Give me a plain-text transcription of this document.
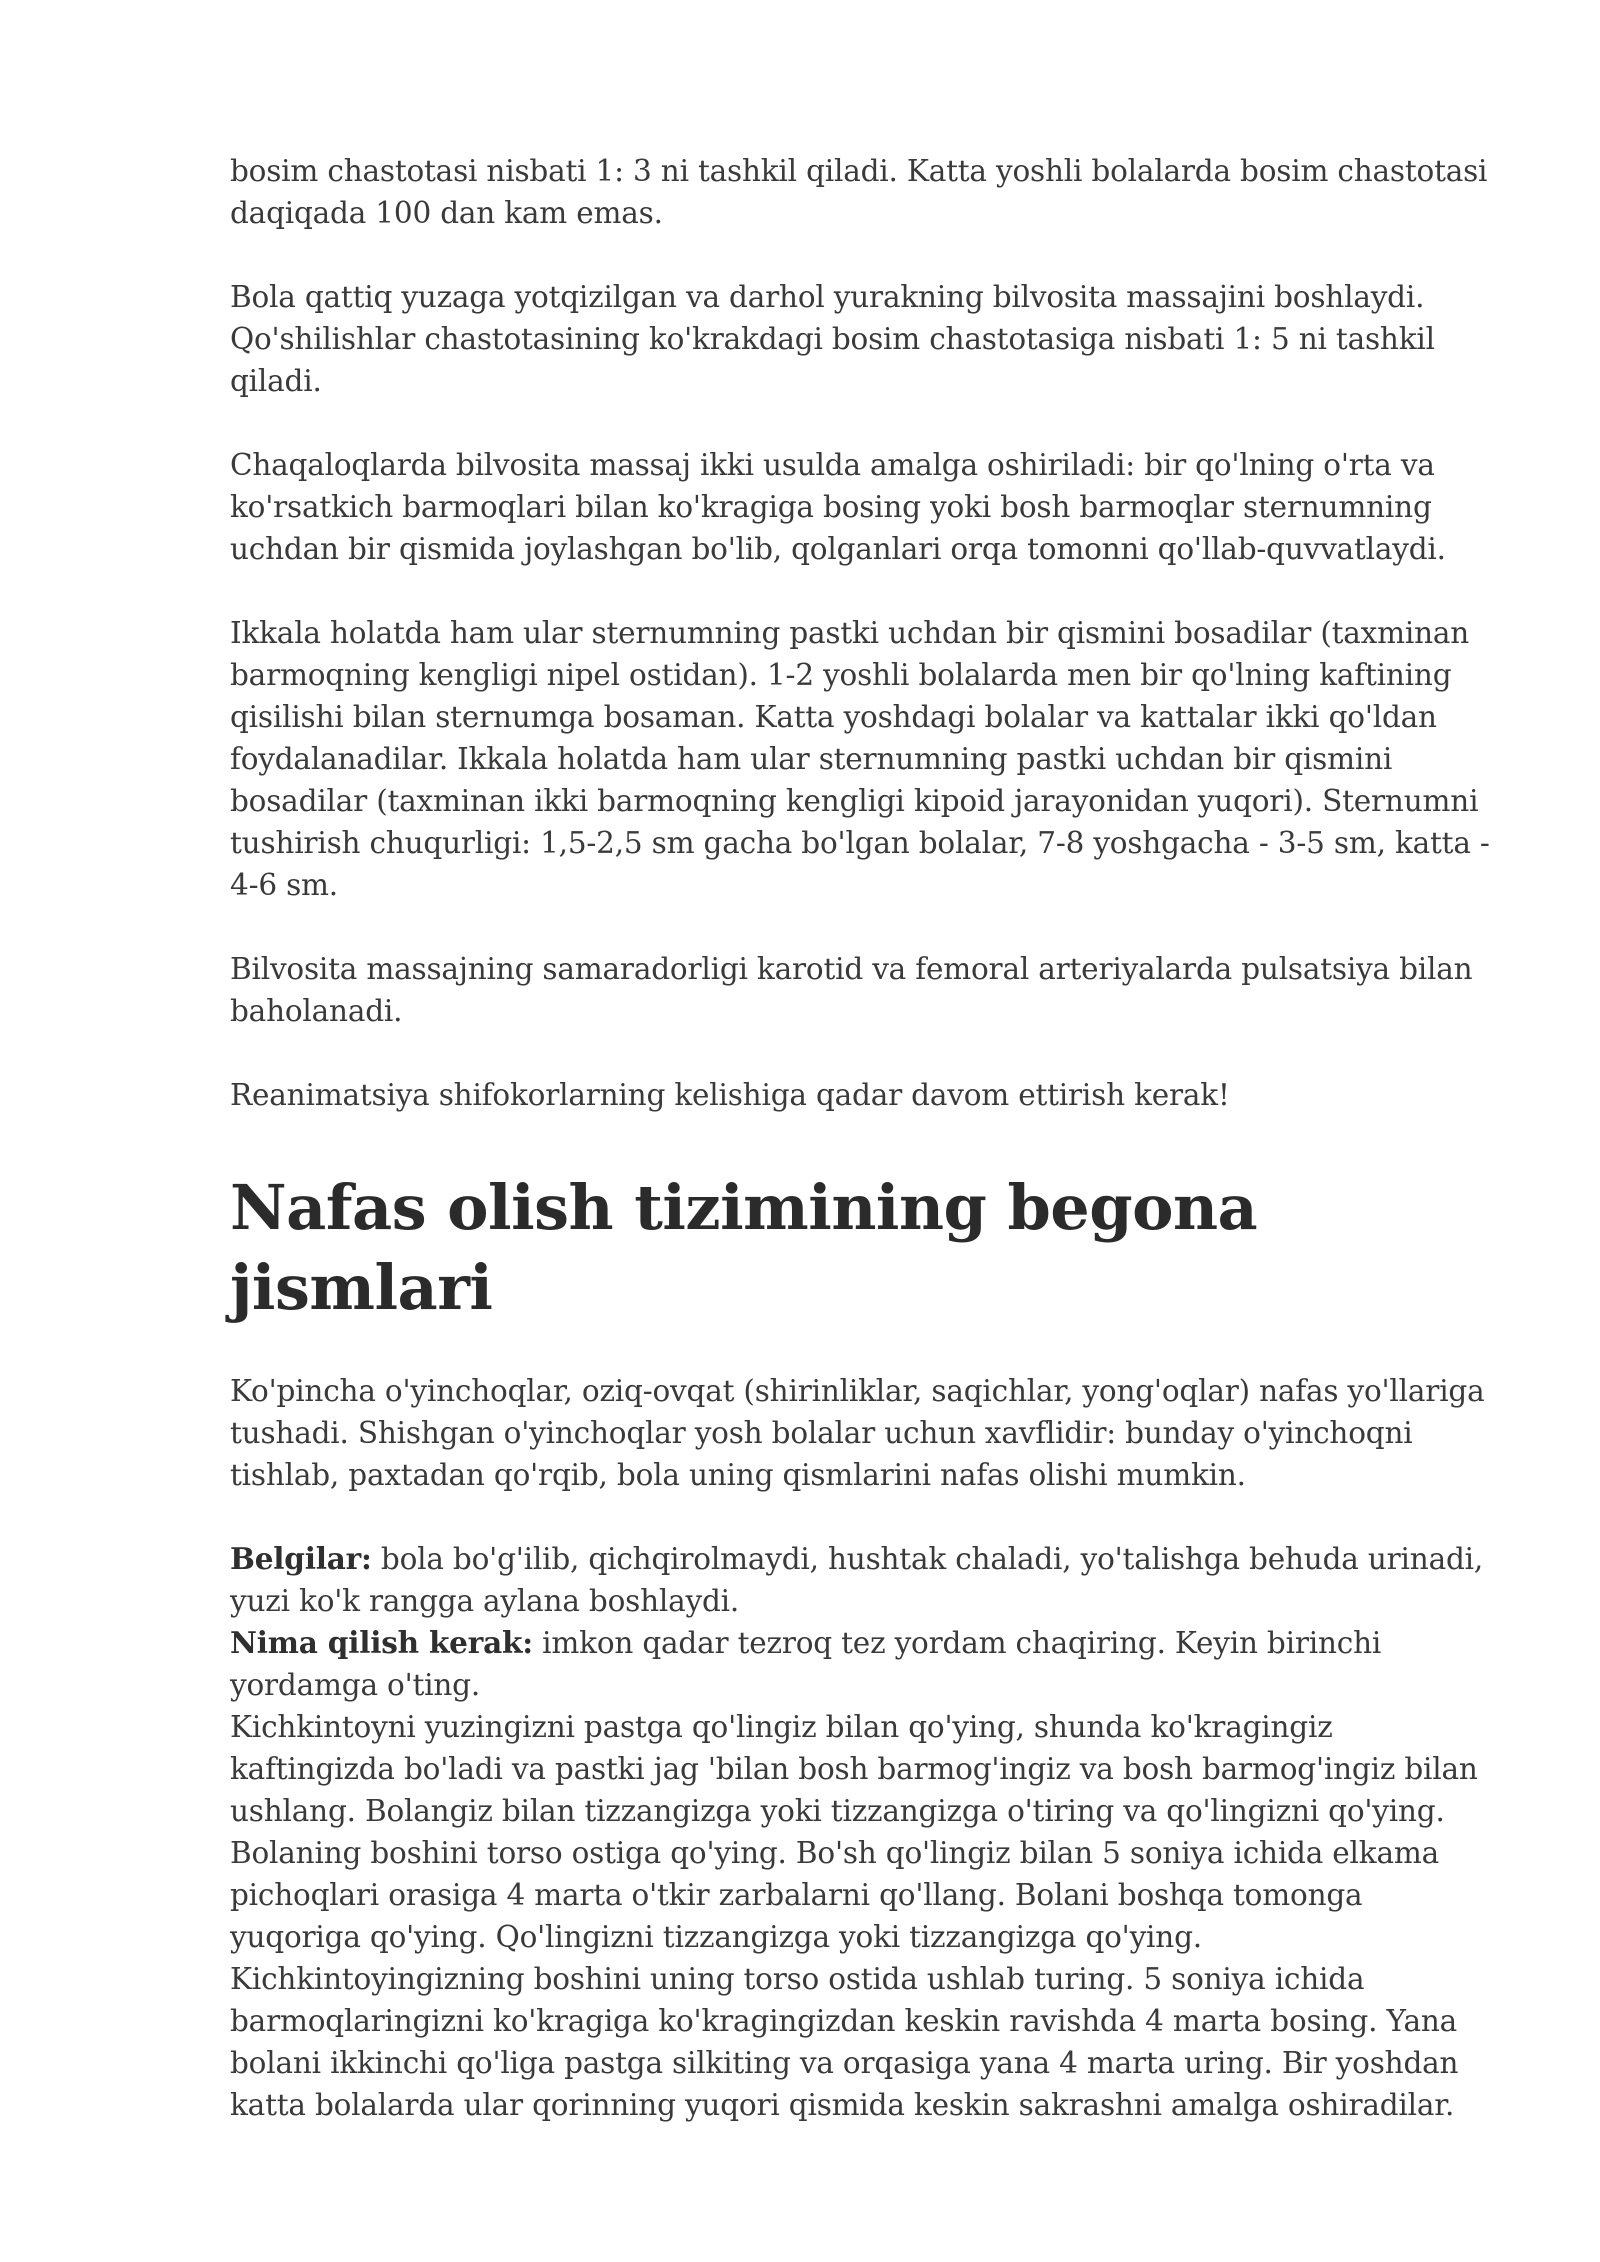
bosim chastotasi nisbati 1: 3 ni tashkil qiladi. Katta yoshli bolalarda bosim chastotasi daqiqada 100 dan kam emas.

Bola qattiq yuzaga yotqizilgan va darhol yurakning bilvosita massajini boshlaydi. Qo'shilishlar chastotasining ko'krakdagi bosim chastotasiga nisbati 1: 5 ni tashkil qiladi.

Chaqaloqlarda bilvosita massaj ikki usulda amalga oshiriladi: bir qo'lning o'rta va ko'rsatkich barmoqlari bilan ko'kragiga bosing yoki bosh barmoqlar sternumning uchdan bir qismida joylashgan bo'lib, qolganlari orqa tomonni qo'llab-quvvatlaydi.

Ikkala holatda ham ular sternumning pastki uchdan bir qismini bosadilar (taxminan barmoqning kengligi nipel ostidan). 1-2 yoshli bolalarda men bir qo'lning kaftining qisilishi bilan sternumga bosaman. Katta yoshdagi bolalar va kattalar ikki qo'ldan foydalanadilar. Ikkala holatda ham ular sternumning pastki uchdan bir qismini bosadilar (taxminan ikki barmoqning kengligi kipoid jarayonidan yuqori). Sternumni tushirish chuqurligi: 1,5-2,5 sm gacha bo'lgan bolalar, 7-8 yoshgacha - 3-5 sm, katta - 4-6 sm.

Bilvosita massajning samaradorligi karotid va femoral arteriyalarda pulsatsiya bilan baholanadi.

Reanimatsiya shifokorlarning kelishiga qadar davom ettirish kerak!

Nafas olish tizimining begona jismlari

Ko'pincha o'yinchoqlar, oziq-ovqat (shirinliklar, saqichlar, yong'oqlar) nafas yo'llariga tushadi. Shishgan o'yinchoqlar yosh bolalar uchun xavflidir: bunday o'yinchoqni tishlab, paxtadan qo'rqib, bola uning qismlarini nafas olishi mumkin.

Belgilar: bola bo'g'ilib, qichqirolmaydi, hushtak chaladi, yo'talishga behuda urinadi, yuzi ko'k rangga aylana boshlaydi.

Nima qilish kerak: imkon qadar tezroq tez yordam chaqiring. Keyin birinchi yordamga o'ting.

Kichkintoyni yuzingizni pastga qo'lingiz bilan qo'ying, shunda ko'kragingiz kaftingizda bo'ladi va pastki jag 'bilan bosh barmog'ingiz va bosh barmog'ingiz bilan ushlang. Bolangiz bilan tizzangizga yoki tizzangizga o'tiring va qo'lingizni qo'ying. Bolaning boshini torso ostiga qo'ying. Bo'sh qo'lingiz bilan 5 soniya ichida elkama pichoqlari orasiga 4 marta o'tkir zarbalarni qo'llang. Bolani boshqa tomonga yuqoriga qo'ying. Qo'lingizni tizzangizga yoki tizzangizga qo'ying. Kichkintoyingizning boshini uning torso ostida ushlab turing. 5 soniya ichida barmoqlaringizni ko'kragiga ko'kragingizdan keskin ravishda 4 marta bosing. Yana bolani ikkinchi qo'liga pastga silkiting va orqasiga yana 4 marta uring. Bir yoshdan katta bolalarda ular qorinning yuqori qismida keskin sakrashni amalga oshiradilar.
